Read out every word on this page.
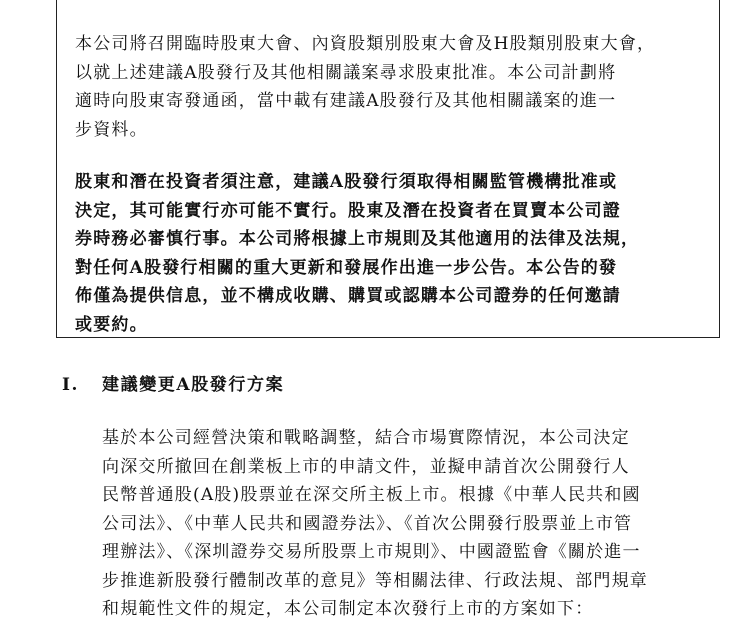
本公司將召開臨時股東大會、內資股類別股東大會及H股類別股東大會，
以就上述建議A股發行及其他相關議案尋求股東批准。本公司計劃將
適時向股東寄發通函，當中載有建議A股發行及其他相關議案的進一
步資料。
股東和潛在投資者須注意，建議A股發行須取得相關監管機構批准或
決定，其可能實行亦可能不實行。股東及潛在投資者在買賣本公司證
券時務必審慎行事。本公司將根據上市規則及其他適用的法律及法規，
對任何A股發行相關的重大更新和發展作出進一步公告。本公告的發
佈僅為提供信息，並不構成收購、購買或認購本公司證券的任何邀請
或要約。
I. 建議變更A股發行方案
基於本公司經營決策和戰略調整，結合市場實際情況，本公司決定
向深交所撤回在創業板上市的申請文件，並擬申請首次公開發行人
民幣普通股(A股)股票並在深交所主板上市。根據《中華人民共和國
公司法》、《中華人民共和國證券法》、《首次公開發行股票並上市管
理辦法》、《深圳證券交易所股票上市規則》、中國證監會《關於進一
步推進新股發行體制改革的意見》等相關法律、行政法規、部門規章
和規範性文件的規定，本公司制定本次發行上市的方案如下：
